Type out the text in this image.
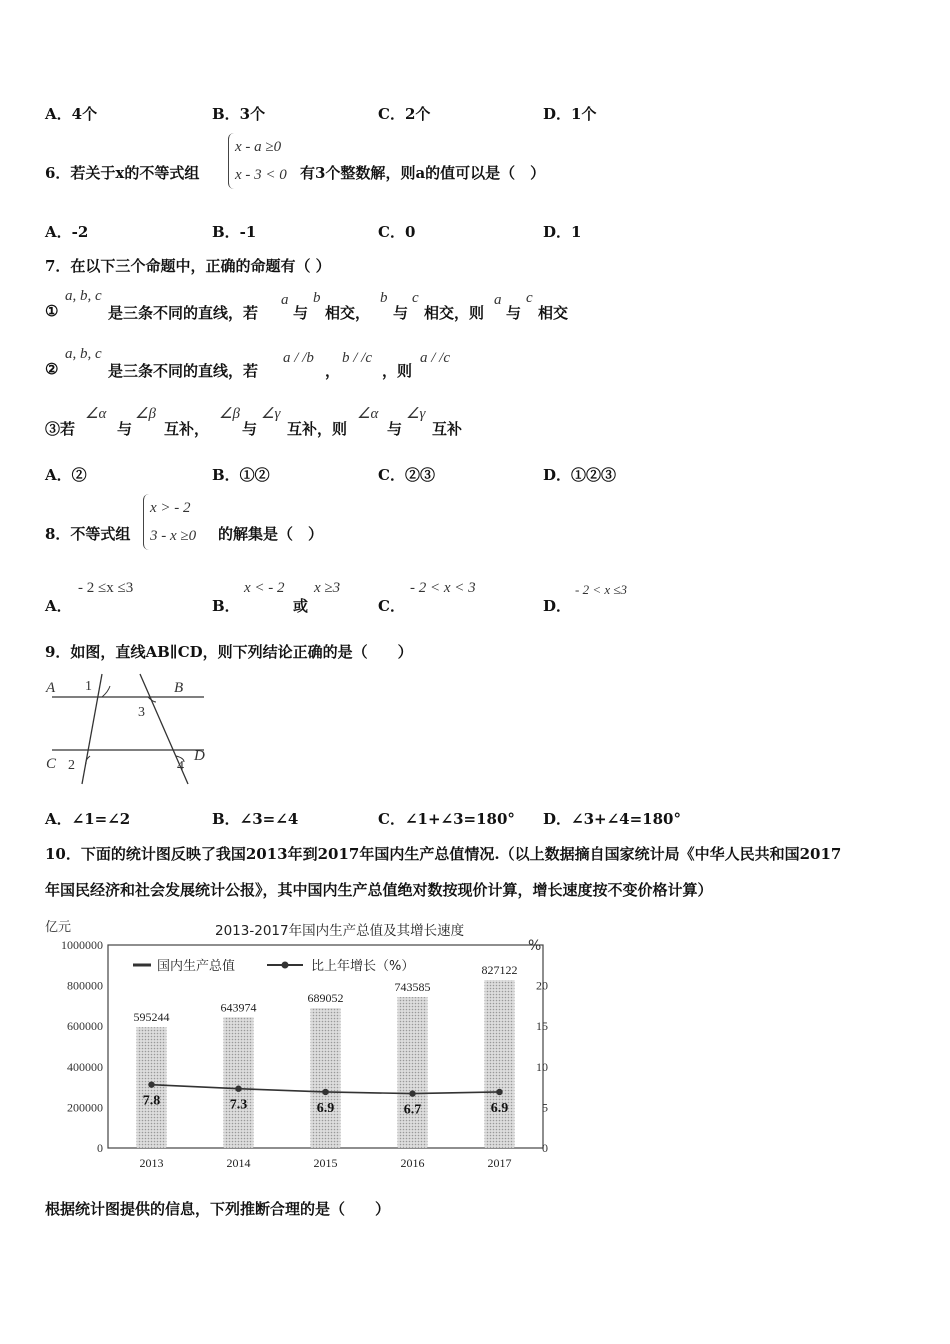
A．4个	B．3个	C．2个	D．1个
6．若关于x的不等式组
x - a ≥0
x - 3 < 0 有3个整数解，则a的值可以是（　）
A．-2	B．-1	C．0	D．1
7．在以下三个命题中，正确的命题有（ ）
①
a, b, c
是三条不同的直线，若
a
与
b
相交，
b
与
c
相交，则
a
与
c
相交
②
a, b, c
是三条不同的直线，若
a / /b
，
b / /c
，则
a / /c
③若
∠α
与
∠β
互补，
∠β
与
∠γ
互补，则
∠α
与
∠γ
互补
A．②	B．①②	C．②③	D．①②③
8．不等式组
x > - 2
3 - x ≥0 的解集是（　）
A．
- 2 ≤x ≤3
B．
x < - 2
或
x ≥3
C．
- 2 < x < 3
D．
- 2 < x ≤3
9．如图，直线AB∥CD，则下列结论正确的是（　　）
A	B
C	D
1
3
2	4
A．∠1=∠2	B．∠3=∠4	C．∠1+∠3=180° D．∠3+∠4=180°
10．下面的统计图反映了我国2013年到2017年国内生产总值情况.（以上数据摘自国家统计局《中华人民共和国2017
年国民经济和社会发展统计公报》，其中国内生产总值绝对数按现价计算，增长速度按不变价格计算）
亿元
%
2013-2017年国内生产总值及其增长速度
国内生产总值	比上年增长（%）
0
200000
400000
600000
800000
1000000
0
5
10
15
20
595244
2013
643974
2014
689052
2015
743585
2016
827122
2017
7.8	7.3	6.9	6.7	6.9
根据统计图提供的信息，下列推断合理的是（　　）
